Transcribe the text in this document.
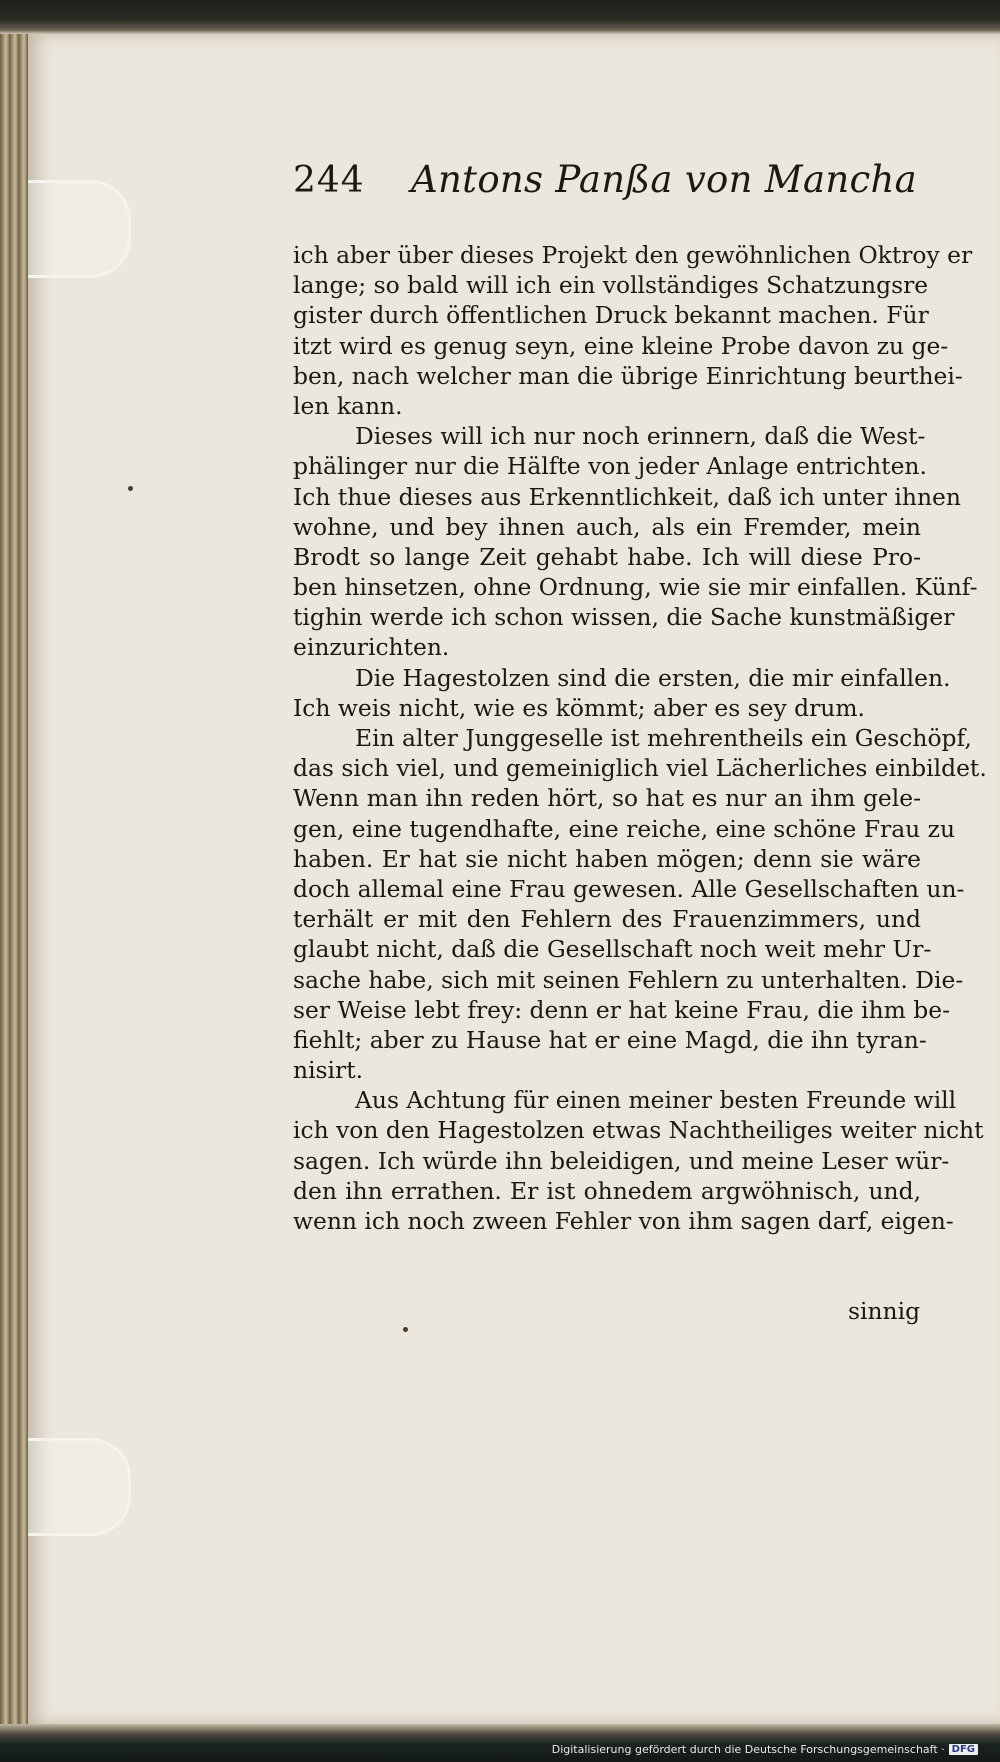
244 Antons Panßa von Mancha
ich aber über dieses Projekt den gewöhnlichen Oktroy er
lange; so bald will ich ein vollständiges Schatzungsre
gister durch öffentlichen Druck bekannt machen. Für
itzt wird es genug seyn, eine kleine Probe davon zu ge-
ben, nach welcher man die übrige Einrichtung beurthei-
len kann.
Dieses will ich nur noch erinnern, daß die West-
phälinger nur die Hälfte von jeder Anlage entrichten.
Ich thue dieses aus Erkenntlichkeit, daß ich unter ihnen
wohne, und bey ihnen auch, als ein Fremder, mein
Brodt so lange Zeit gehabt habe. Ich will diese Pro-
ben hinsetzen, ohne Ordnung, wie sie mir einfallen. Künf-
tighin werde ich schon wissen, die Sache kunstmäßiger
einzurichten.
Die Hagestolzen sind die ersten, die mir einfallen.
Ich weis nicht, wie es kömmt; aber es sey drum.
Ein alter Junggeselle ist mehrentheils ein Geschöpf,
das sich viel, und gemeiniglich viel Lächerliches einbildet.
Wenn man ihn reden hört, so hat es nur an ihm gele-
gen, eine tugendhafte, eine reiche, eine schöne Frau zu
haben. Er hat sie nicht haben mögen; denn sie wäre
doch allemal eine Frau gewesen. Alle Gesellschaften un-
terhält er mit den Fehlern des Frauenzimmers, und
glaubt nicht, daß die Gesellschaft noch weit mehr Ur-
sache habe, sich mit seinen Fehlern zu unterhalten. Die-
ser Weise lebt frey: denn er hat keine Frau, die ihm be-
fiehlt; aber zu Hause hat er eine Magd, die ihn tyran-
nisirt.
Aus Achtung für einen meiner besten Freunde will
ich von den Hagestolzen etwas Nachtheiliges weiter nicht
sagen. Ich würde ihn beleidigen, und meine Leser wür-
den ihn errathen. Er ist ohnedem argwöhnisch, und,
wenn ich noch zween Fehler von ihm sagen darf, eigen-
sinnig
Digitalisierung gefördert durch die Deutsche Forschungsgemeinschaft · DFG
